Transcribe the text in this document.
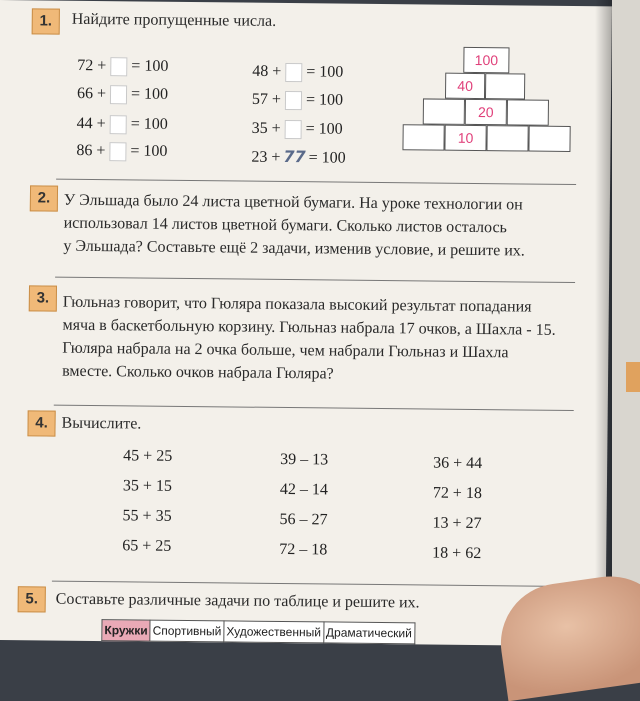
1.	Найдите пропущенные числа.
72 + = 100
66 + = 100
44 + = 100
86 + = 100
48 + = 100
57 + = 100
35 + = 100
23 + 77 = 100
100
40
20
10
2. У Эльшада было 24 листа цветной бумаги. На уроке технологии он
использовал 14 листов цветной бумаги. Сколько листов осталось
у Эльшада? Составьте ещё 2 задачи, изменив условие, и решите их.
3. Гюльназ говорит, что Гюляра показала высокий результат попадания
мяча в баскетбольную корзину. Гюльназ набрала 17 очков, а Шахла - 15.
Гюляра набрала на 2 очка больше, чем набрали Гюльназ и Шахла
вместе. Сколько очков набрала Гюляра?
4. Вычислите.
45 + 25
35 + 15
55 + 35
65 + 25
39 – 13
42 – 14
56 – 27
72 – 18
36 + 44
72 + 18
13 + 27
18 + 62
5.	Составьте различные задачи по таблице и решите их.
Кружки	Спортивный	Художественный	Драматический
